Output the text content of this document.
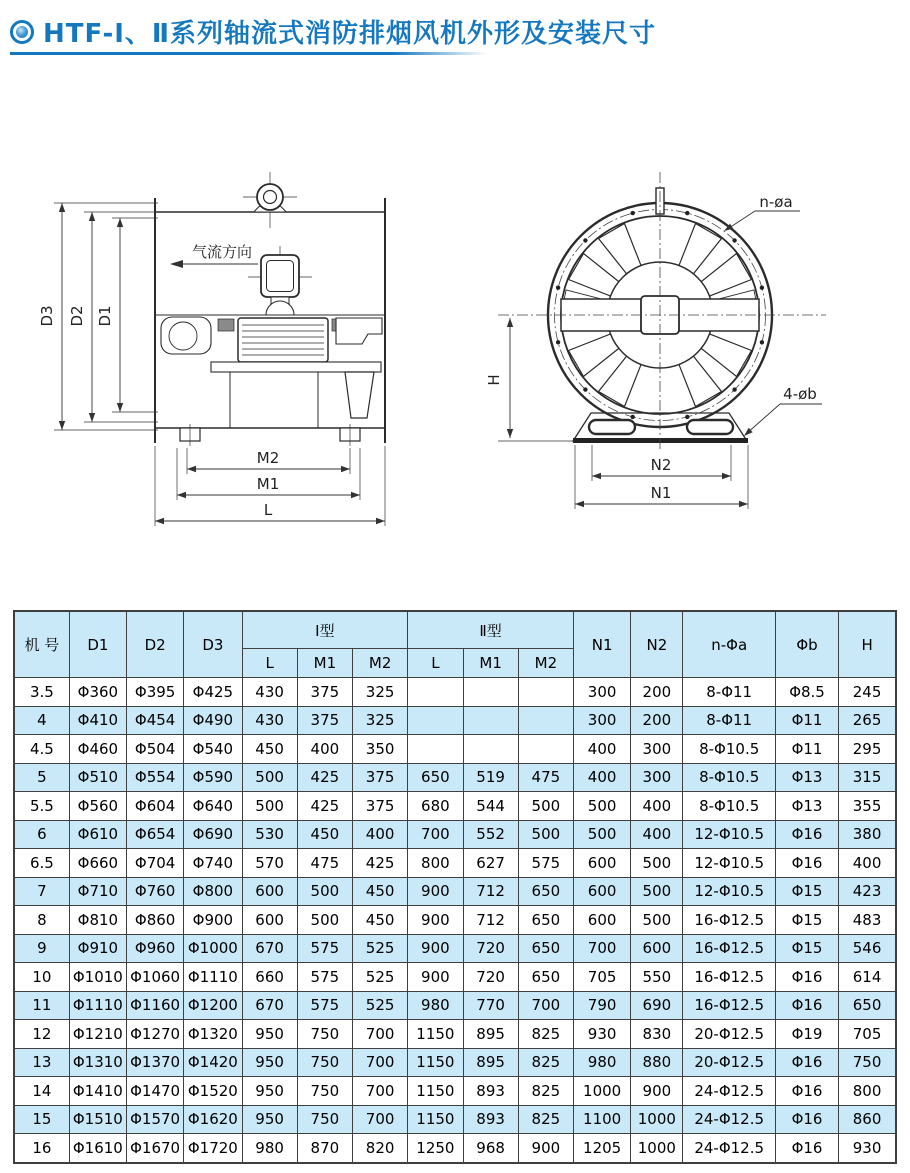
HTF-Ⅰ、Ⅱ系列轴流式消防排烟风机外形及安装尺寸
气流方向
D3 D2 D1
M2
M1
L
n-øa
4-øb
H
N2
N1
机 号	D1	D2	D3	Ⅰ型			Ⅱ型			N1	N2	n-Φa	Φb	H
				L	M1	M2	L	M1	M2					
3.5	Φ360	Φ395	Φ425	430	375	325				300	200	8-Φ11	Φ8.5	245
4	Φ410	Φ454	Φ490	430	375	325				300	200	8-Φ11	Φ11	265
4.5	Φ460	Φ504	Φ540	450	400	350				400	300	8-Φ10.5	Φ11	295
5	Φ510	Φ554	Φ590	500	425	375	650	519	475	400	300	8-Φ10.5	Φ13	315
5.5	Φ560	Φ604	Φ640	500	425	375	680	544	500	500	400	8-Φ10.5	Φ13	355
6	Φ610	Φ654	Φ690	530	450	400	700	552	500	500	400	12-Φ10.5	Φ16	380
6.5	Φ660	Φ704	Φ740	570	475	425	800	627	575	600	500	12-Φ10.5	Φ16	400
7	Φ710	Φ760	Φ800	600	500	450	900	712	650	600	500	12-Φ10.5	Φ15	423
8	Φ810	Φ860	Φ900	600	500	450	900	712	650	600	500	16-Φ12.5	Φ15	483
9	Φ910	Φ960	Φ1000	670	575	525	900	720	650	700	600	16-Φ12.5	Φ15	546
10	Φ1010	Φ1060	Φ1110	660	575	525	900	720	650	705	550	16-Φ12.5	Φ16	614
11	Φ1110	Φ1160	Φ1200	670	575	525	980	770	700	790	690	16-Φ12.5	Φ16	650
12	Φ1210	Φ1270	Φ1320	950	750	700	1150	895	825	930	830	20-Φ12.5	Φ19	705
13	Φ1310	Φ1370	Φ1420	950	750	700	1150	895	825	980	880	20-Φ12.5	Φ16	750
14	Φ1410	Φ1470	Φ1520	950	750	700	1150	893	825	1000	900	24-Φ12.5	Φ16	800
15	Φ1510	Φ1570	Φ1620	950	750	700	1150	893	825	1100	1000	24-Φ12.5	Φ16	860
16	Φ1610	Φ1670	Φ1720	980	870	820	1250	968	900	1205	1000	24-Φ12.5	Φ16	930
